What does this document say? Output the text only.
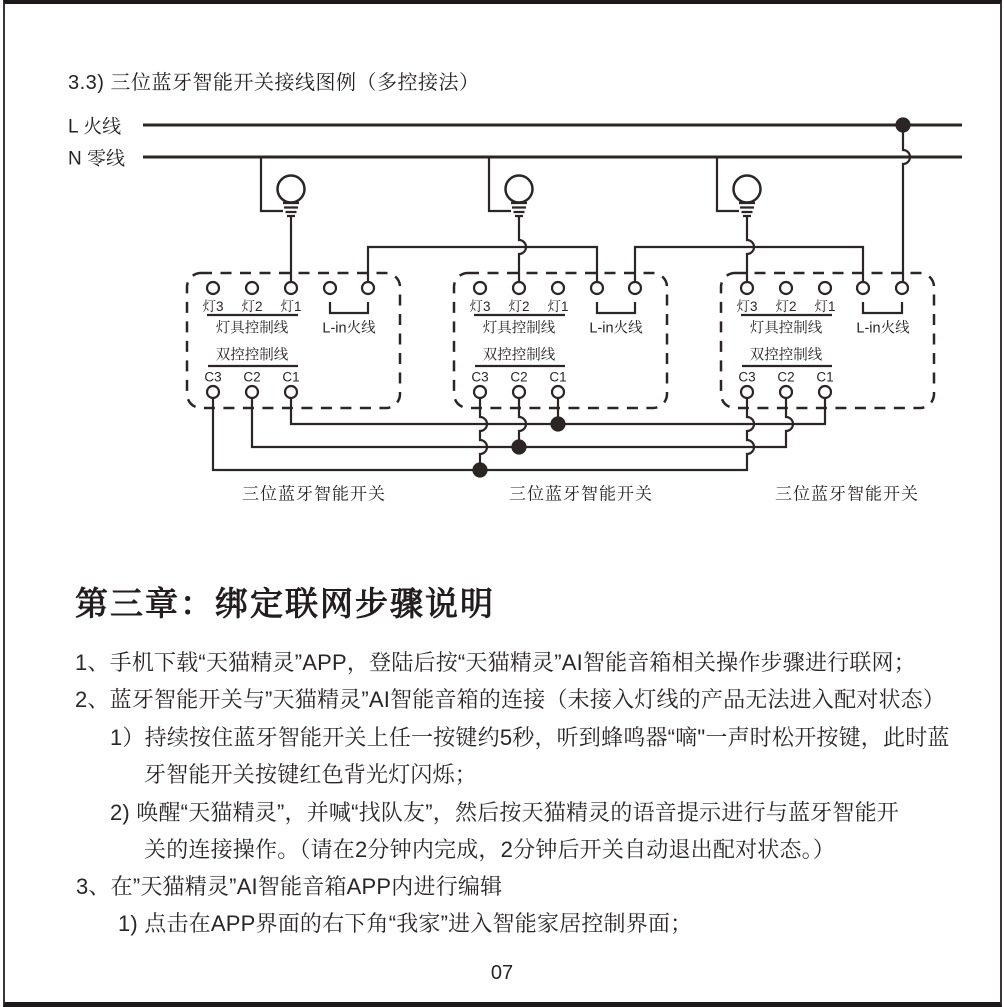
3.3) 三位蓝牙智能开关接线图例（多控接法）
L 火线
N 零线
灯3 灯2 灯1
灯具控制线 L-in火线
双控控制线
C3 C2 C1
三位蓝牙智能开关
灯3 灯2 灯1
灯具控制线 L-in火线
双控控制线
C3 C2 C1
三位蓝牙智能开关
灯3 灯2 灯1
灯具控制线 L-in火线
双控控制线
C3 C2 C1
三位蓝牙智能开关
第三章：绑定联网步骤说明
1、手机下载“天猫精灵”APP，登陆后按“天猫精灵”AI智能音箱相关操作步骤进行联网；
2、蓝牙智能开关与”天猫精灵”AI智能音箱的连接（未接入灯线的产品无法进入配对状态）
1）持续按住蓝牙智能开关上任一按键约5秒，听到蜂鸣器“嘀"一声时松开按键，此时蓝
牙智能开关按键红色背光灯闪烁；
2) 唤醒“天猫精灵”，并喊“找队友”，然后按天猫精灵的语音提示进行与蓝牙智能开
关的连接操作。（请在2分钟内完成，2分钟后开关自动退出配对状态。）
3、在”天猫精灵”AI智能音箱APP内进行编辑
1) 点击在APP界面的右下角“我家”进入智能家居控制界面；
07
